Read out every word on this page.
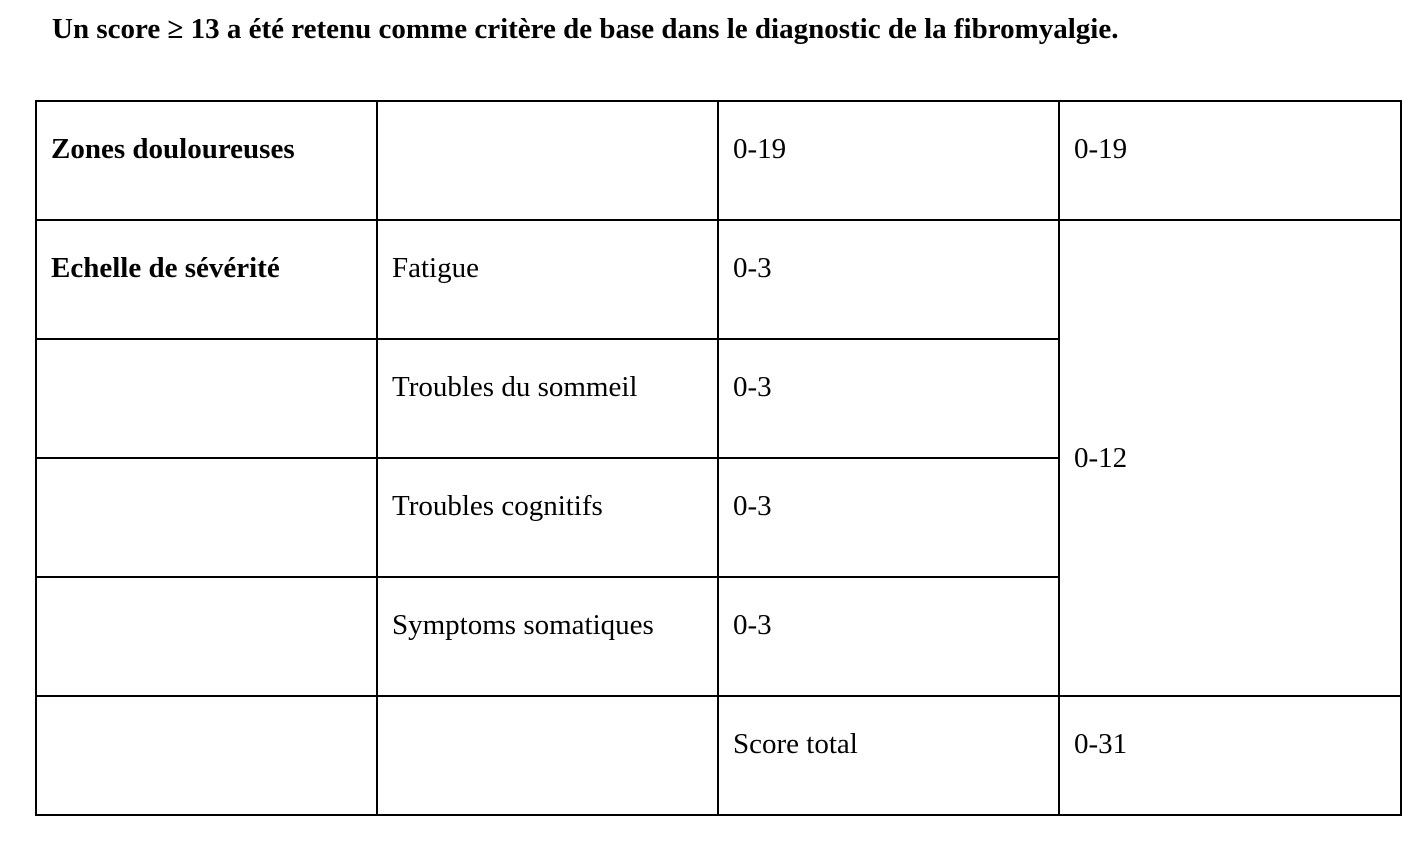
Un score ≥ 13 a été retenu comme critère de base dans le diagnostic de la fibromyalgie.

Zones douloureuses		0-19	0-19
Echelle de sévérité	Fatigue	0-3	0-12
	Troubles du sommeil	0-3	
	Troubles cognitifs	0-3	
	Symptoms somatiques	0-3	
		Score total	0-31
